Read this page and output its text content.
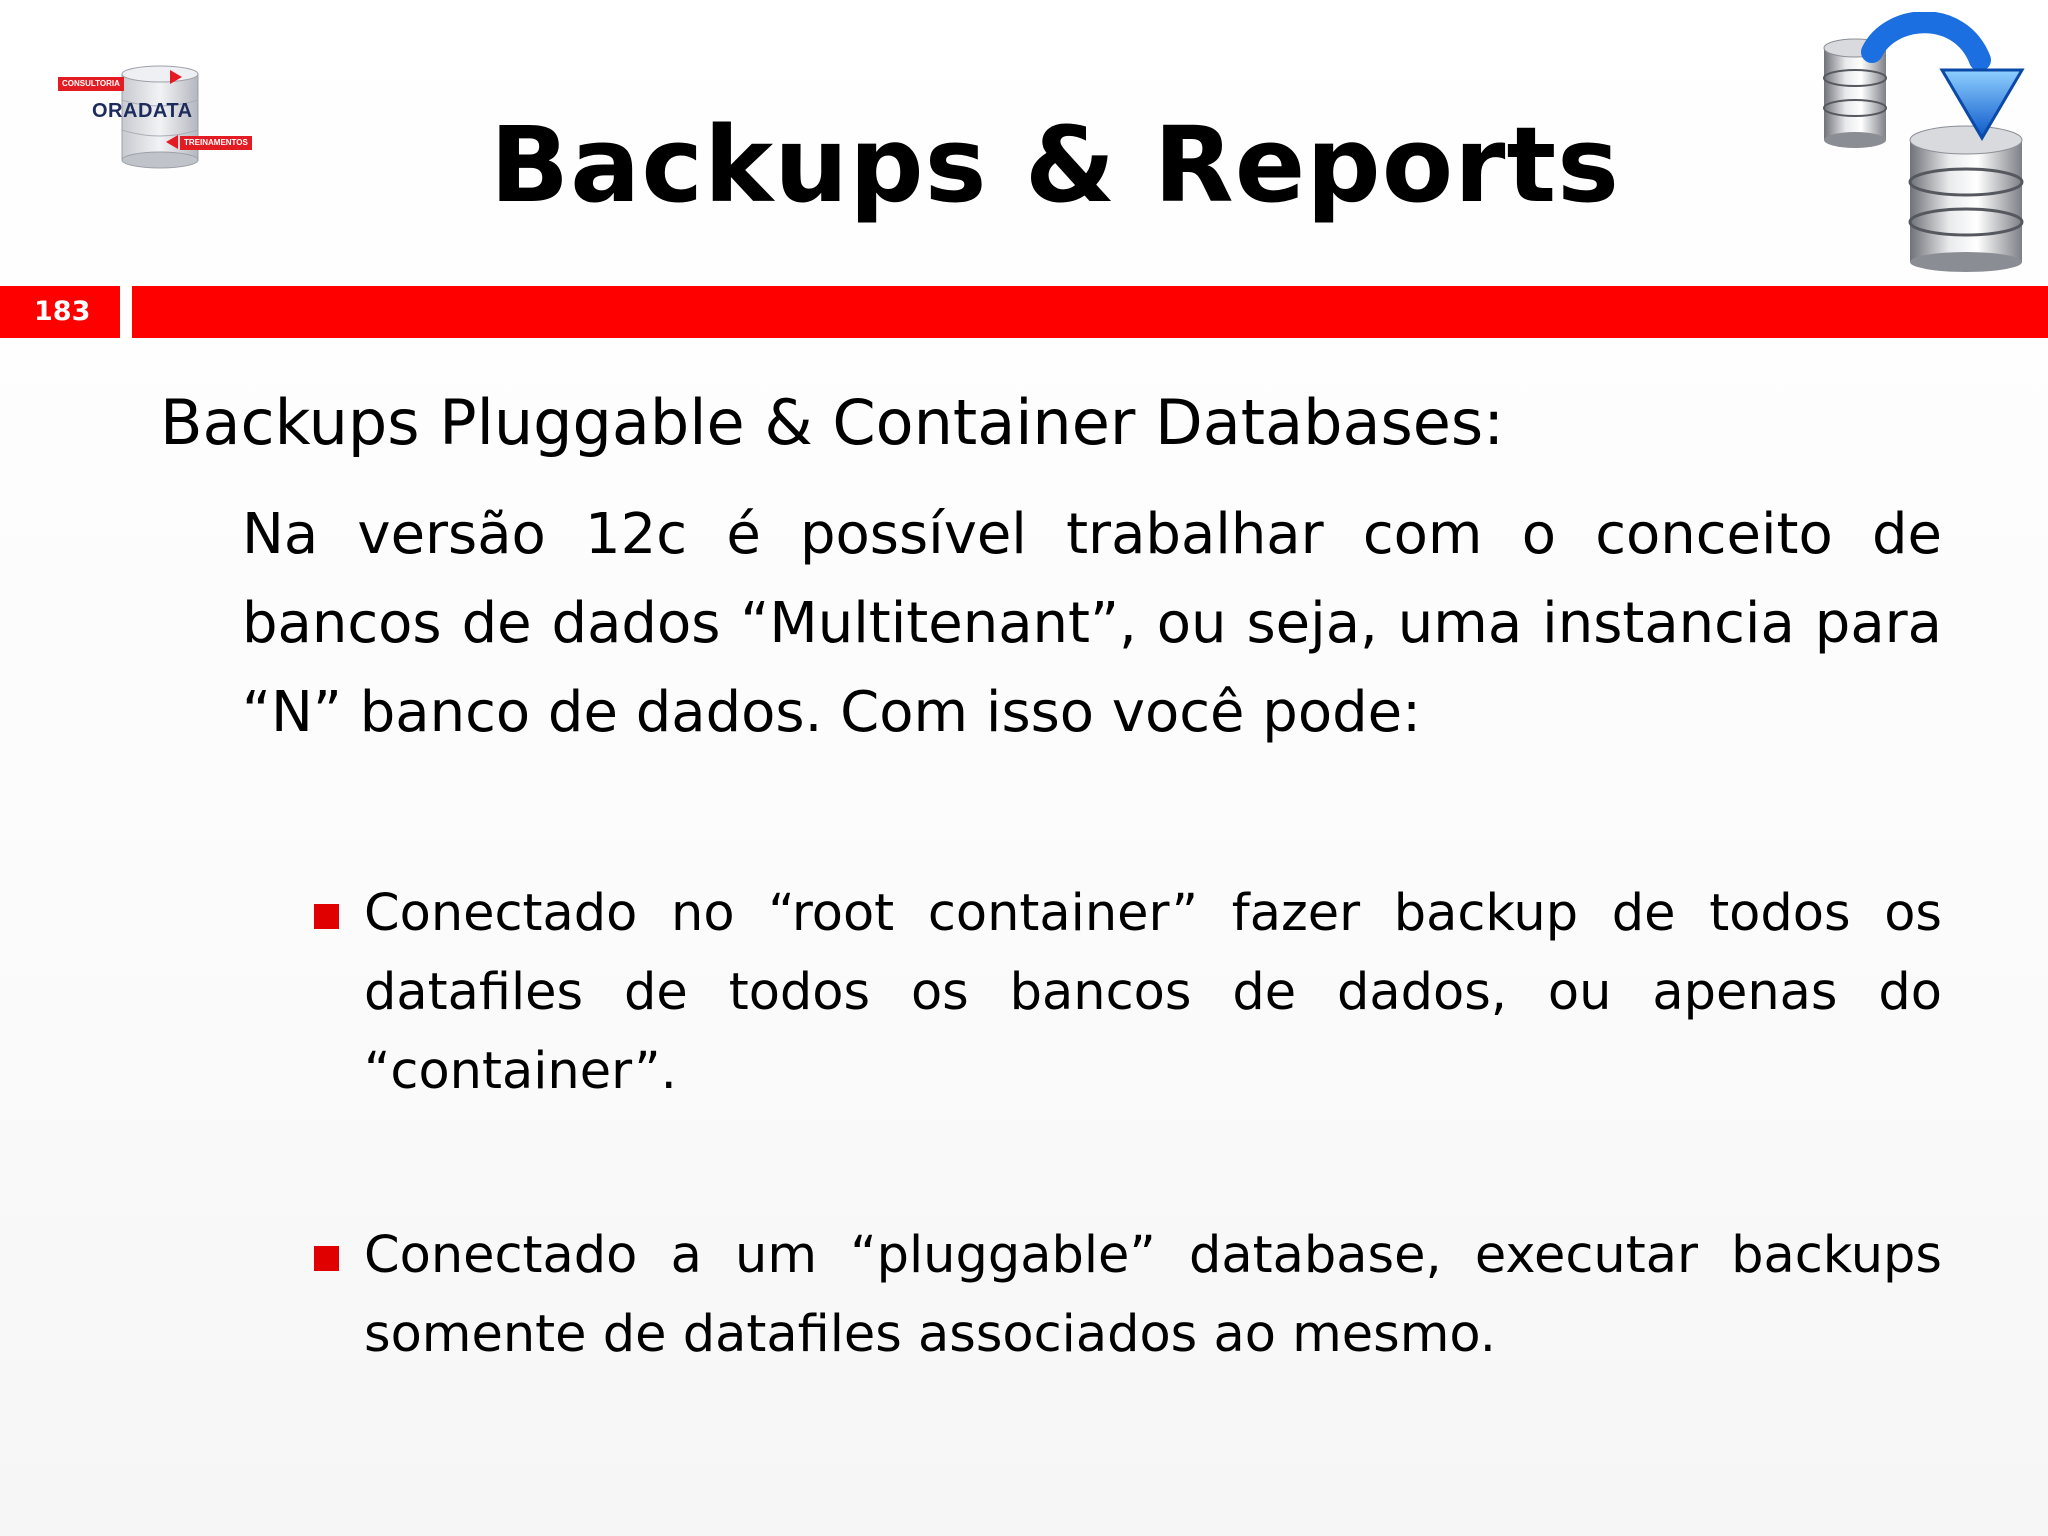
CONSULTORIA
ORADATA
TREINAMENTOS	Backups & Reports
183
Backups Pluggable & Container Databases:
Na versão 12c é possível trabalhar com o conceito de bancos de dados “Multitenant”, ou seja, uma instancia para “N” banco de dados. Com isso você pode:
Conectado no “root container” fazer backup de todos os datafiles de todos os bancos de dados, ou apenas do “container”.
Conectado a um “pluggable” database, executar backups somente de datafiles associados ao mesmo.
